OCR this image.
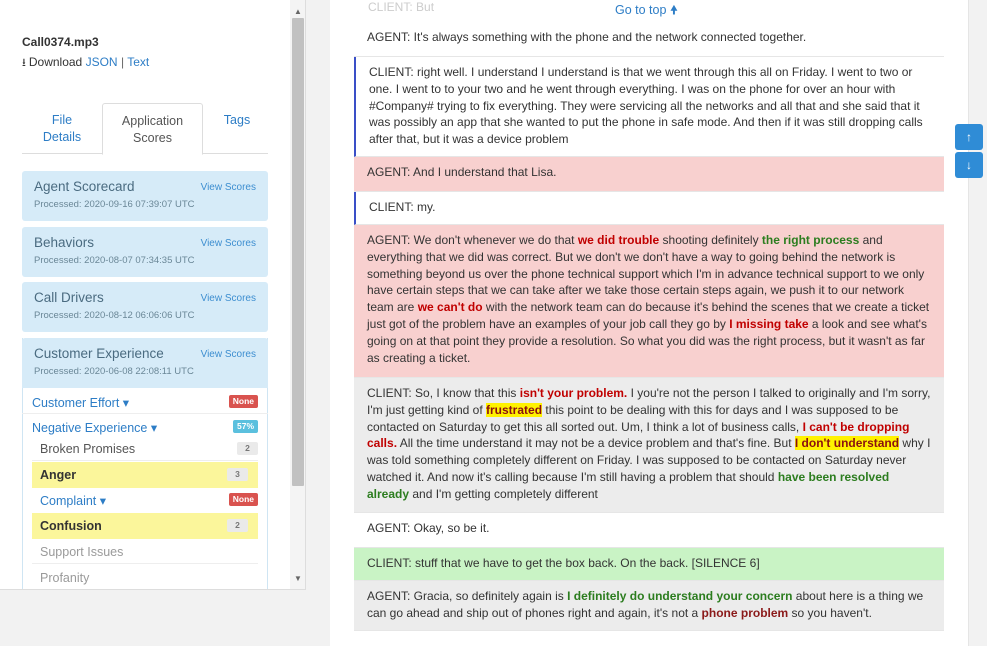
Call0374.mp3
⭳ Download JSON | Text
File
Details
Application
Scores
Tags
Agent Scorecard
Processed: 2020-09-16 07:39:07 UTC
View Scores
Behaviors
Processed: 2020-08-07 07:34:35 UTC
View Scores
Call Drivers
Processed: 2020-08-12 06:06:06 UTC
View Scores
Customer Experience
Processed: 2020-06-08 22:08:11 UTC
View Scores
Customer Effort ▾	None
Negative Experience ▾	57%
Broken Promises	2
Anger	3
Complaint ▾	None
Confusion	2
Support Issues
Profanity
▲
▼
CLIENT: But	Go to top 🠝
AGENT: It's always something with the phone and the network connected together.
CLIENT: right well. I understand I understand is that we went through this all on Friday. I went to two or one. I went to to your two and he went through everything. I was on the phone for over an hour with #Company# trying to fix everything. They were servicing all the networks and all that and she said that it was possibly an app that she wanted to put the phone in safe mode. And then if it was still dropping calls after that, but it was a device problem
AGENT: And I understand that Lisa.
CLIENT: my.
AGENT: We don't whenever we do that we did trouble shooting definitely the right process and everything that we did was correct. But we don't we don't have a way to going behind the network is something beyond us over the phone technical support which I'm in advance technical support to we only have certain steps that we can take after we take those certain steps again, we push it to our network team are we can't do with the network team can do because it's behind the scenes that we create a ticket just got of the problem have an examples of your job call they go by I missing take a look and see what's going on at that point they provide a resolution. So what you did was the right process, but it wasn't as far as creating a ticket.
CLIENT: So, I know that this isn't your problem. I you're not the person I talked to originally and I'm sorry, I'm just getting kind of frustrated this point to be dealing with this for days and I was supposed to be contacted on Saturday to get this all sorted out. Um, I think a lot of business calls, I can't be dropping calls. All the time understand it may not be a device problem and that's fine. But I don't understand why I was told something completely different on Friday. I was supposed to be contacted on Saturday never watched it. And now it's calling because I'm still having a problem that should have been resolved already and I'm getting completely different
AGENT: Okay, so be it.
CLIENT: stuff that we have to get the box back. On the back. [SILENCE 6]
AGENT: Gracia, so definitely again is I definitely do understand your concern about here is a thing we can go ahead and ship out of phones right and again, it's not a phone problem so you haven't.
↑
↓
